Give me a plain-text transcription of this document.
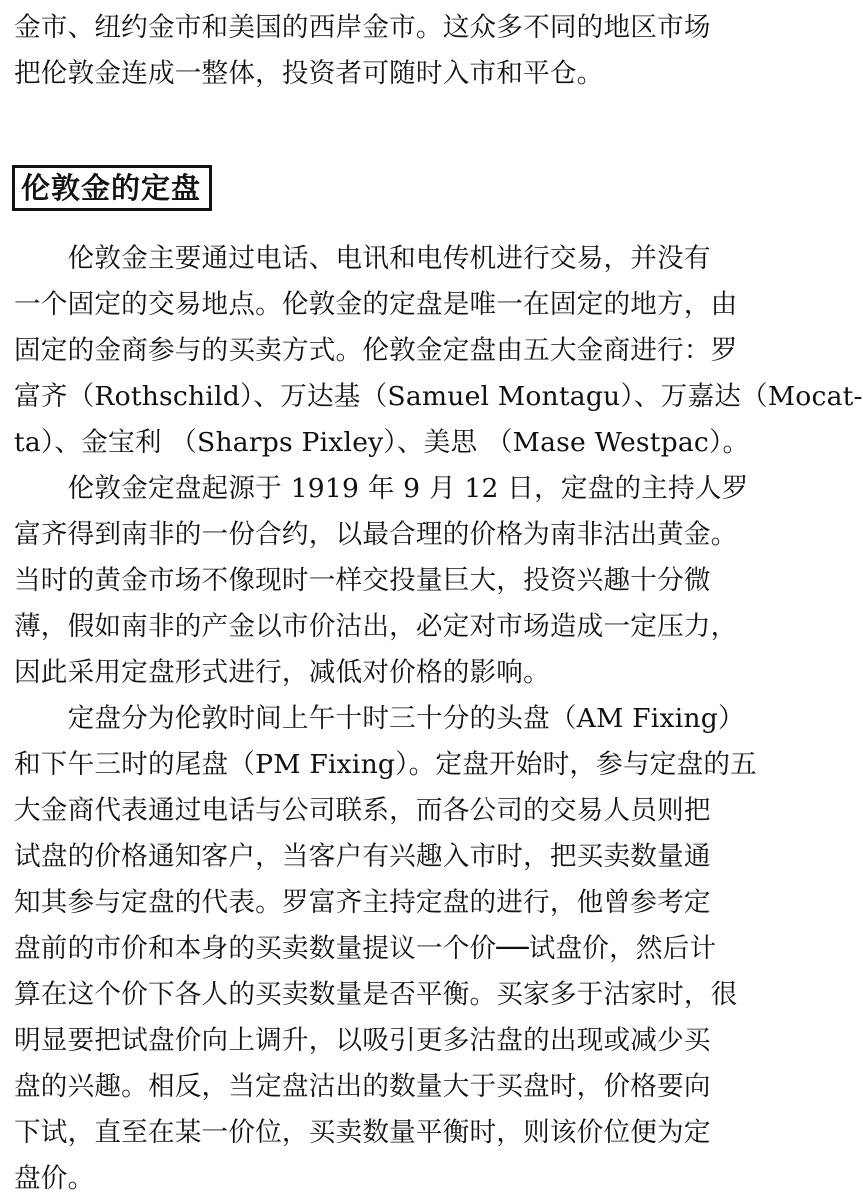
金市、纽约金市和美国的西岸金市。这众多不同的地区市场
把伦敦金连成一整体，投资者可随时入市和平仓。
伦敦金的定盘
　　伦敦金主要通过电话、电讯和电传机进行交易，并没有
一个固定的交易地点。伦敦金的定盘是唯一在固定的地方，由
固定的金商参与的买卖方式。伦敦金定盘由五大金商进行：罗
富齐（Rothschild）、万达基（Samuel Montagu）、万嘉达（Mocat-
ta）、金宝利 （Sharps Pixley）、美思 （Mase Westpac）。
　　伦敦金定盘起源于 1919 年 9 月 12 日，定盘的主持人罗
富齐得到南非的一份合约，以最合理的价格为南非沽出黄金。
当时的黄金市场不像现时一样交投量巨大，投资兴趣十分微
薄，假如南非的产金以市价沽出，必定对市场造成一定压力，
因此采用定盘形式进行，减低对价格的影响。
　　定盘分为伦敦时间上午十时三十分的头盘（AM Fixing）
和下午三时的尾盘（PM Fixing）。定盘开始时，参与定盘的五
大金商代表通过电话与公司联系，而各公司的交易人员则把
试盘的价格通知客户，当客户有兴趣入市时，把买卖数量通
知其参与定盘的代表。罗富齐主持定盘的进行，他曾参考定
盘前的市价和本身的买卖数量提议一个价──试盘价，然后计
算在这个价下各人的买卖数量是否平衡。买家多于沽家时，很
明显要把试盘价向上调升，以吸引更多沽盘的出现或减少买
盘的兴趣。相反，当定盘沽出的数量大于买盘时，价格要向
下试，直至在某一价位，买卖数量平衡时，则该价位便为定
盘价。
